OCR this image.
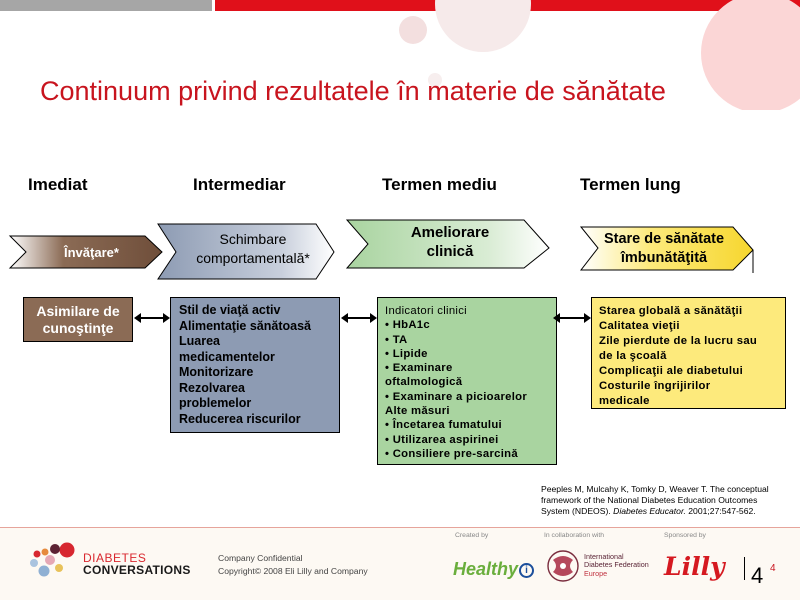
Continuum privind rezultatele în materie de sănătate
Imediat	Intermediar	Termen mediu	Termen lung
Învăţare*
Schimbare
comportamentală*
Ameliorare
clinică
Stare de sănătate
îmbunătăţită
Asimilare de
cunoştinţe
Stil de viaţă activ
Alimentaţie sănătoasă
Luarea
medicamentelor
Monitorizare
Rezolvarea
problemelor
Reducerea riscurilor
Indicatori clinici
• HbA1c
• TA
• Lipide
• Examinare
oftalmologică
• Examinare a picioarelor
Alte măsuri
• Încetarea fumatului
• Utilizarea aspirinei
• Consiliere pre-sarcină
Starea globală a sănătăţii
Calitatea vieţii
Zile pierdute de la lucru sau
de la şcoală
Complicaţii ale diabetului
Costurile îngrijirilor
medicale
Peeples M, Mulcahy K, Tomky D, Weaver T. The conceptual framework of the National Diabetes Education Outcomes System (NDEOS). Diabetes Educator. 2001;27:547-562.
DIABETES
CONVERSATIONS
Company Confidential
Copyright© 2008 Eli Lilly and Company
Created by	In collaboration with	Sponsored by
Healthy i
International
Diabetes Federation
Europe	Lilly 4 4
